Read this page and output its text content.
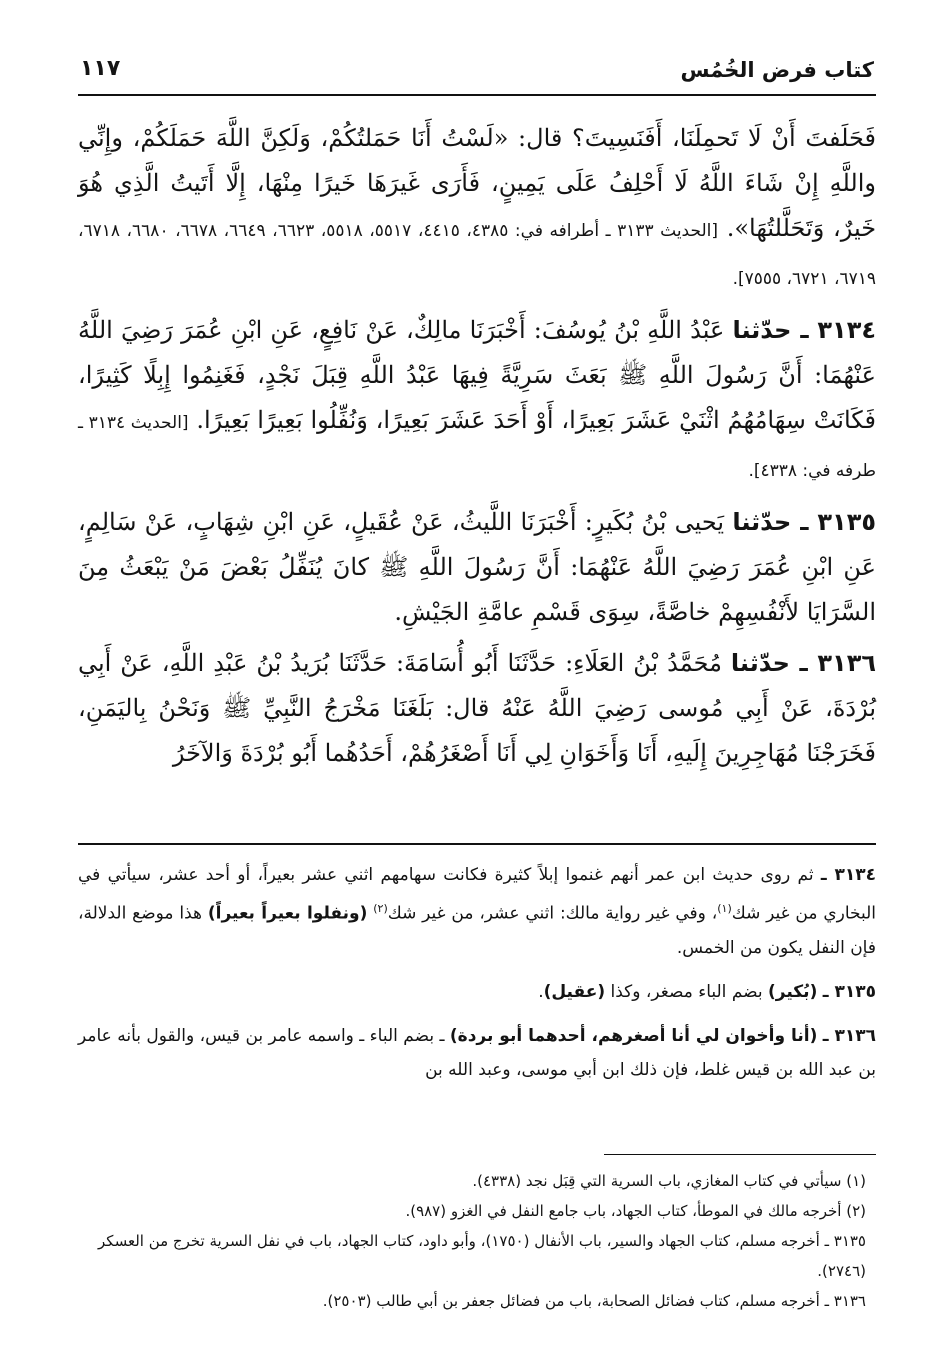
كتاب فرض الخُمُس
١١٧

فَحَلَفتَ أَنْ لَا تَحمِلَنَا، أَفَنَسِيتَ؟ قال: «لَسْتُ أَنَا حَمَلتُكُمْ، وَلَكِنَّ اللَّهَ حَمَلَكُمْ، وإِنِّي واللَّهِ إِنْ شَاءَ اللَّهُ لَا أَحْلِفُ عَلَى يَمِينٍ، فَأَرَى غَيرَهَا خَيرًا مِنْهَا، إِلَّا أَتَيتُ الَّذِي هُوَ خَيرٌ، وَتَحَلَّلتُهَا». [الحديث ٣١٣٣ ـ أطرافه في: ٤٣٨٥، ٤٤١٥، ٥٥١٧، ٥٥١٨، ٦٦٢٣، ٦٦٤٩، ٦٦٧٨، ٦٦٨٠، ٦٧١٨، ٦٧١٩، ٦٧٢١، ٧٥٥٥].

٣١٣٤ ـ حدّثنا عَبْدُ اللَّهِ بْنُ يُوسُفَ: أَخْبَرَنَا مالِكٌ، عَنْ نَافِعٍ، عَنِ ابْنِ عُمَرَ رَضِيَ اللَّهُ عَنْهُمَا: أَنَّ رَسُولَ اللَّهِ ﷺ بَعَثَ سَرِيَّةً فِيهَا عَبْدُ اللَّهِ قِبَلَ نَجْدٍ، فَغَنِمُوا إِبِلًا كَثِيرًا، فَكَانَتْ سِهَامُهُمُ اثْنَيْ عَشَرَ بَعِيرًا، أَوْ أَحَدَ عَشَرَ بَعِيرًا، وَنُفِّلُوا بَعِيرًا بَعِيرًا. [الحديث ٣١٣٤ ـ طرفه في: ٤٣٣٨].

٣١٣٥ ـ حدّثنا يَحيى بْنُ بُكَيرٍ: أَخْبَرَنَا اللَّيثُ، عَنْ عُقَيلٍ، عَنِ ابْنِ شِهَابٍ، عَنْ سَالِمٍ، عَنِ ابْنِ عُمَرَ رَضِيَ اللَّهُ عَنْهُمَا: أَنَّ رَسُولَ اللَّهِ ﷺ كانَ يُنَفِّلُ بَعْضَ مَنْ يَبْعَثُ مِنَ السَّرَايَا لأَنْفُسِهِمْ خاصَّةً، سِوَى قَسْمِ عامَّةِ الجَيْشِ.

٣١٣٦ ـ حدّثنا مُحَمَّدُ بْنُ العَلَاءِ: حَدَّثَنَا أَبُو أُسَامَةَ: حَدَّثَنَا بُرَيدُ بْنُ عَبْدِ اللَّهِ، عَنْ أَبِي بُرْدَةَ، عَنْ أَبِي مُوسى رَضِيَ اللَّهُ عَنْهُ قال: بَلَغَنَا مَخْرَجُ النَّبِيِّ ﷺ وَنَحْنُ بِاليَمَنِ، فَخَرَجْنَا مُهَاجِرِينَ إِلَيهِ، أَنَا وَأَخَوَانِ لِي أَنَا أَصْغَرُهُمْ، أَحَدُهُما أَبُو بُرْدَةَ وَالآخَرُ

٣١٣٤ ـ ثم روى حديث ابن عمر أنهم غنموا إبلاً كثيرة فكانت سهامهم اثني عشر بعيراً، أو أحد عشر، سيأتي في البخاري من غير شك$^{(١)}$، وفي غير رواية مالك: اثني عشر، من غير شك$^{(٢)}$ (ونفلوا بعيراً بعيراً) هذا موضع الدلالة، فإن النفل يكون من الخمس.

٣١٣٥ ـ (بُكير) بضم الباء مصغر، وكذا (عقيل).

٣١٣٦ ـ (أنا وأخوان لي أنا أصغرهم، أحدهما أبو بردة) ـ بضم الباء ـ واسمه عامر بن قيس، والقول بأنه عامر بن عبد الله بن قيس غلط، فإن ذلك ابن أبي موسى، وعبد الله بن

(١) سيأتي في كتاب المغازي، باب السرية التي قِبَل نجد (٤٣٣٨).

(٢) أخرجه مالك في الموطأ، كتاب الجهاد، باب جامع النفل في الغزو (٩٨٧).

٣١٣٥ ـ أخرجه مسلم، كتاب الجهاد والسير، باب الأنفال (١٧٥٠)، وأبو داود، كتاب الجهاد، باب في نفل السرية تخرج من العسكر (٢٧٤٦).

٣١٣٦ ـ أخرجه مسلم، كتاب فضائل الصحابة، باب من فضائل جعفر بن أبي طالب (٢٥٠٣).
